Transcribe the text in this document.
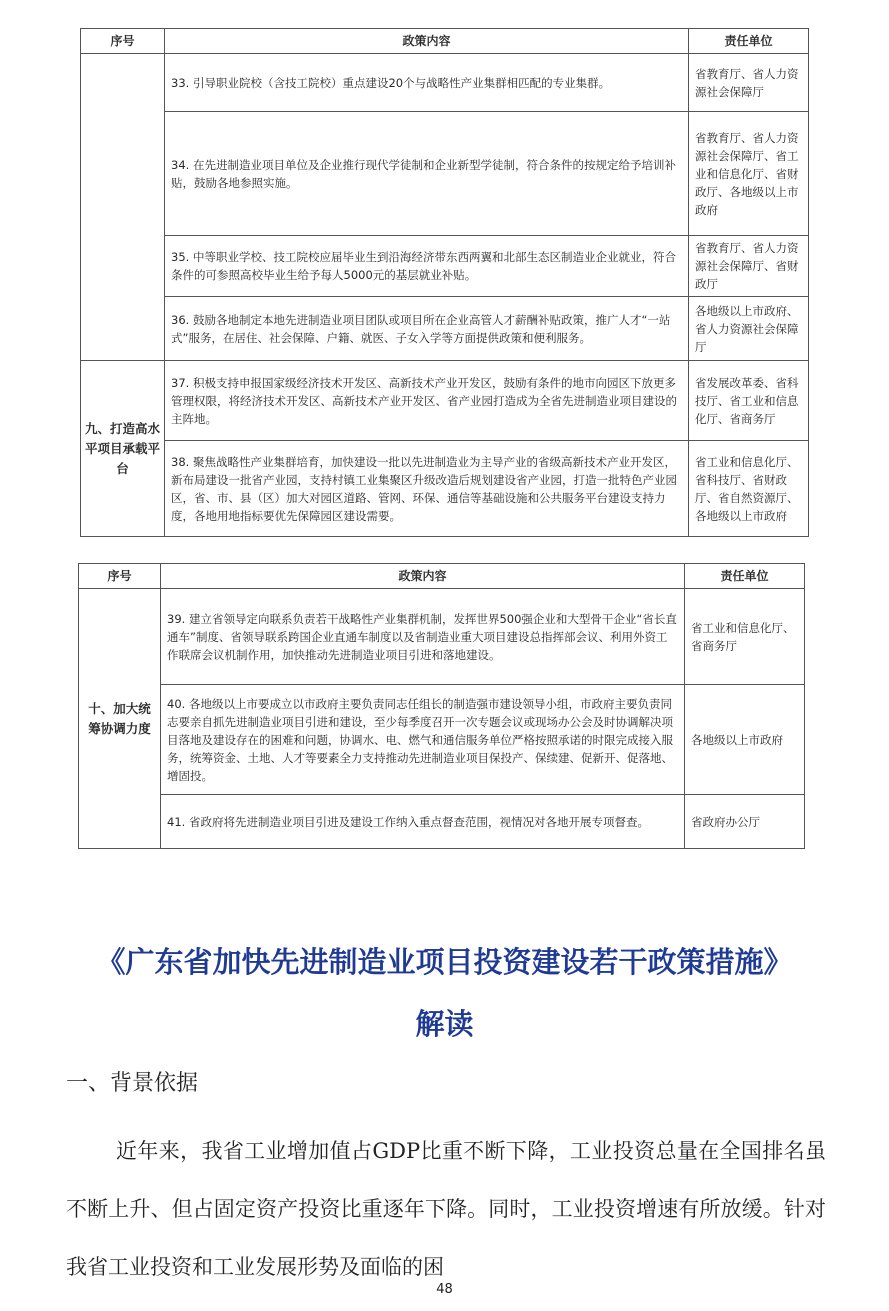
序号	政策内容	责任单位
	33. 引导职业院校（含技工院校）重点建设20个与战略性产业集群相匹配的专业集群。	省教育厅、省人力资源社会保障厅
	34. 在先进制造业项目单位及企业推行现代学徒制和企业新型学徒制，符合条件的按规定给予培训补贴，鼓励各地参照实施。	省教育厅、省人力资源社会保障厅、省工业和信息化厅、省财政厅、各地级以上市政府
	35. 中等职业学校、技工院校应届毕业生到沿海经济带东西两翼和北部生态区制造业企业就业，符合条件的可参照高校毕业生给予每人5000元的基层就业补贴。	省教育厅、省人力资源社会保障厅、省财政厅
	36. 鼓励各地制定本地先进制造业项目团队或项目所在企业高管人才薪酬补贴政策，推广人才“一站式”服务，在居住、社会保障、户籍、就医、子女入学等方面提供政策和便利服务。	各地级以上市政府、省人力资源社会保障厅
九、打造高水平项目承载平台	37. 积极支持申报国家级经济技术开发区、高新技术产业开发区，鼓励有条件的地市向园区下放更多管理权限，将经济技术开发区、高新技术产业开发区、省产业园打造成为全省先进制造业项目建设的主阵地。	省发展改革委、省科技厅、省工业和信息化厅、省商务厅
	38. 聚焦战略性产业集群培育，加快建设一批以先进制造业为主导产业的省级高新技术产业开发区，新布局建设一批省产业园，支持村镇工业集聚区升级改造后规划建设省产业园，打造一批特色产业园区，省、市、县（区）加大对园区道路、管网、环保、通信等基础设施和公共服务平台建设支持力度，各地用地指标要优先保障园区建设需要。	省工业和信息化厅、省科技厅、省财政厅、省自然资源厅、各地级以上市政府
序号	政策内容	责任单位
十、加大统筹协调力度	39. 建立省领导定向联系负责若干战略性产业集群机制，发挥世界500强企业和大型骨干企业“省长直通车”制度、省领导联系跨国企业直通车制度以及省制造业重大项目建设总指挥部会议、利用外资工作联席会议机制作用，加快推动先进制造业项目引进和落地建设。	省工业和信息化厅、省商务厅
	40. 各地级以上市要成立以市政府主要负责同志任组长的制造强市建设领导小组，市政府主要负责同志要亲自抓先进制造业项目引进和建设，至少每季度召开一次专题会议或现场办公会及时协调解决项目落地及建设存在的困难和问题，协调水、电、燃气和通信服务单位严格按照承诺的时限完成接入服务，统筹资金、土地、人才等要素全力支持推动先进制造业项目保投产、保续建、促新开、促落地、增固投。	各地级以上市政府
	41. 省政府将先进制造业项目引进及建设工作纳入重点督查范围，视情况对各地开展专项督查。	省政府办公厅
《广东省加快先进制造业项目投资建设若干政策措施》
解读
一、背景依据

近年来，我省工业增加值占GDP比重不断下降，工业投资总量在全国排名虽不断上升、但占固定资产投资比重逐年下降。同时，工业投资增速有所放缓。针对我省工业投资和工业发展形势及面临的困

48
